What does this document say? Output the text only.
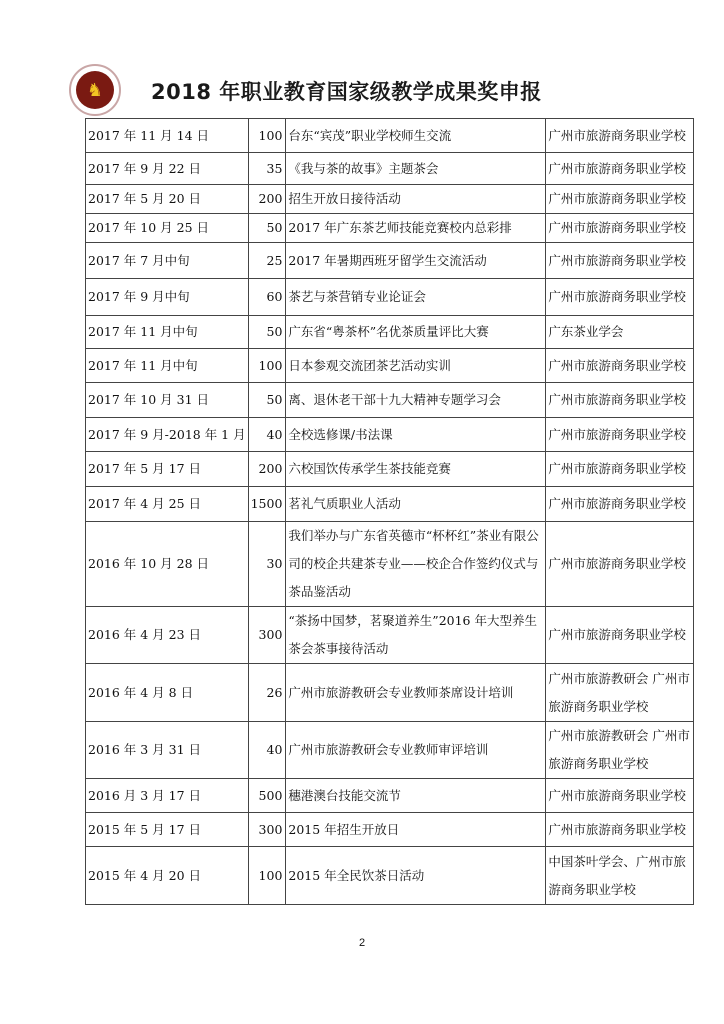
♞	2018 年职业教育国家级教学成果奖申报
2017 年 11 月 14 日	100	台东“宾茂”职业学校师生交流	广州市旅游商务职业学校
2017 年 9 月 22 日	35	《我与茶的故事》主题茶会	广州市旅游商务职业学校
2017 年 5 月 20 日	200	招生开放日接待活动	广州市旅游商务职业学校
2017 年 10 月 25 日	50	2017 年广东茶艺师技能竞赛校内总彩排	广州市旅游商务职业学校
2017 年 7 月中旬	25	2017 年暑期西班牙留学生交流活动	广州市旅游商务职业学校
2017 年 9 月中旬	60	茶艺与茶营销专业论证会	广州市旅游商务职业学校
2017 年 11 月中旬	50	广东省“粤茶杯”名优茶质量评比大赛	广东茶业学会
2017 年 11 月中旬	100	日本参观交流团茶艺活动实训	广州市旅游商务职业学校
2017 年 10 月 31 日	50	离、退休老干部十九大精神专题学习会	广州市旅游商务职业学校
2017 年 9 月-2018 年 1 月	40	全校选修课/书法课	广州市旅游商务职业学校
2017 年 5 月 17 日	200	六校国饮传承学生茶技能竞赛	广州市旅游商务职业学校
2017 年 4 月 25 日	1500	茗礼气质职业人活动	广州市旅游商务职业学校
2016 年 10 月 28 日	30	我们举办与广东省英德市“杯杯红”茶业有限公司的校企共建茶专业——校企合作签约仪式与茶品鉴活动	广州市旅游商务职业学校
2016 年 4 月 23 日	300	“茶扬中国梦，茗聚道养生”2016 年大型养生茶会茶事接待活动	广州市旅游商务职业学校
2016 年 4 月 8 日	26	广州市旅游教研会专业教师茶席设计培训	广州市旅游教研会 广州市旅游商务职业学校
2016 年 3 月 31 日	40	广州市旅游教研会专业教师审评培训	广州市旅游教研会 广州市旅游商务职业学校
2016 月 3 月 17 日	500	穗港澳台技能交流节	广州市旅游商务职业学校
2015 年 5 月 17 日	300	2015 年招生开放日	广州市旅游商务职业学校
2015 年 4 月 20 日	100	2015 年全民饮茶日活动	中国茶叶学会、广州市旅游商务职业学校
2
